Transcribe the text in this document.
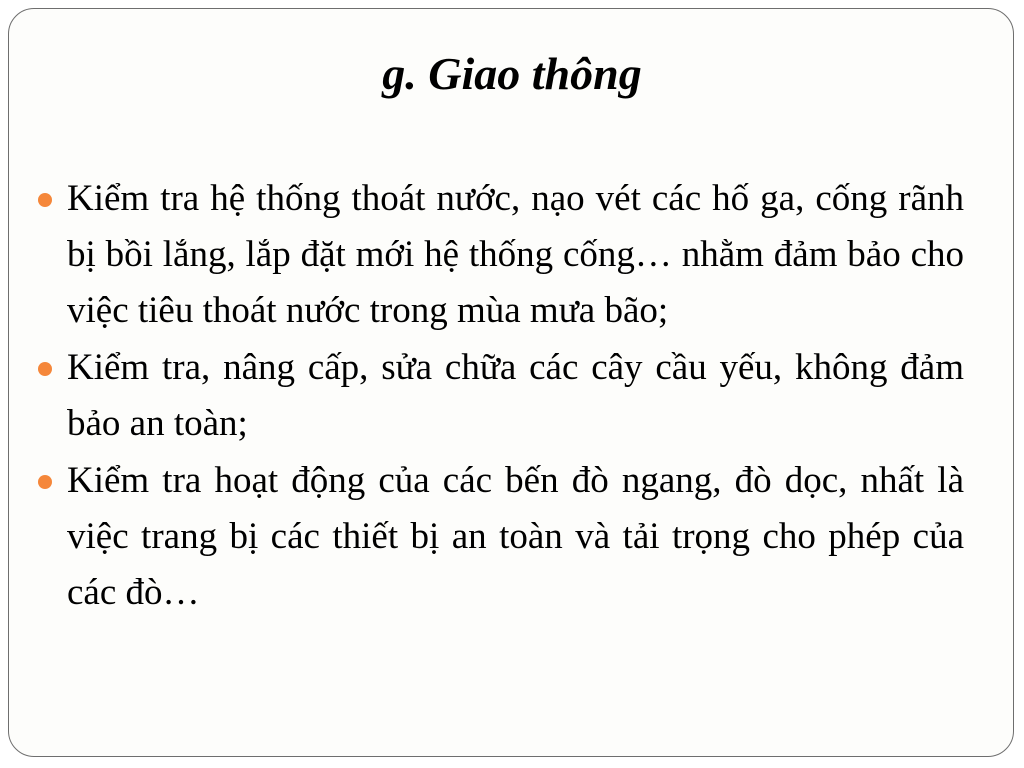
g. Giao thông
Kiểm tra hệ thống thoát nước, nạo vét các hố ga, cống rãnh bị bồi lắng, lắp đặt mới hệ thống cống… nhằm đảm bảo cho việc tiêu thoát nước trong mùa mưa bão;
Kiểm tra, nâng cấp, sửa chữa các cây cầu yếu, không đảm bảo an toàn;
Kiểm tra hoạt động của các bến đò ngang, đò dọc, nhất là việc trang bị các thiết bị an toàn và tải trọng cho phép của các đò…
